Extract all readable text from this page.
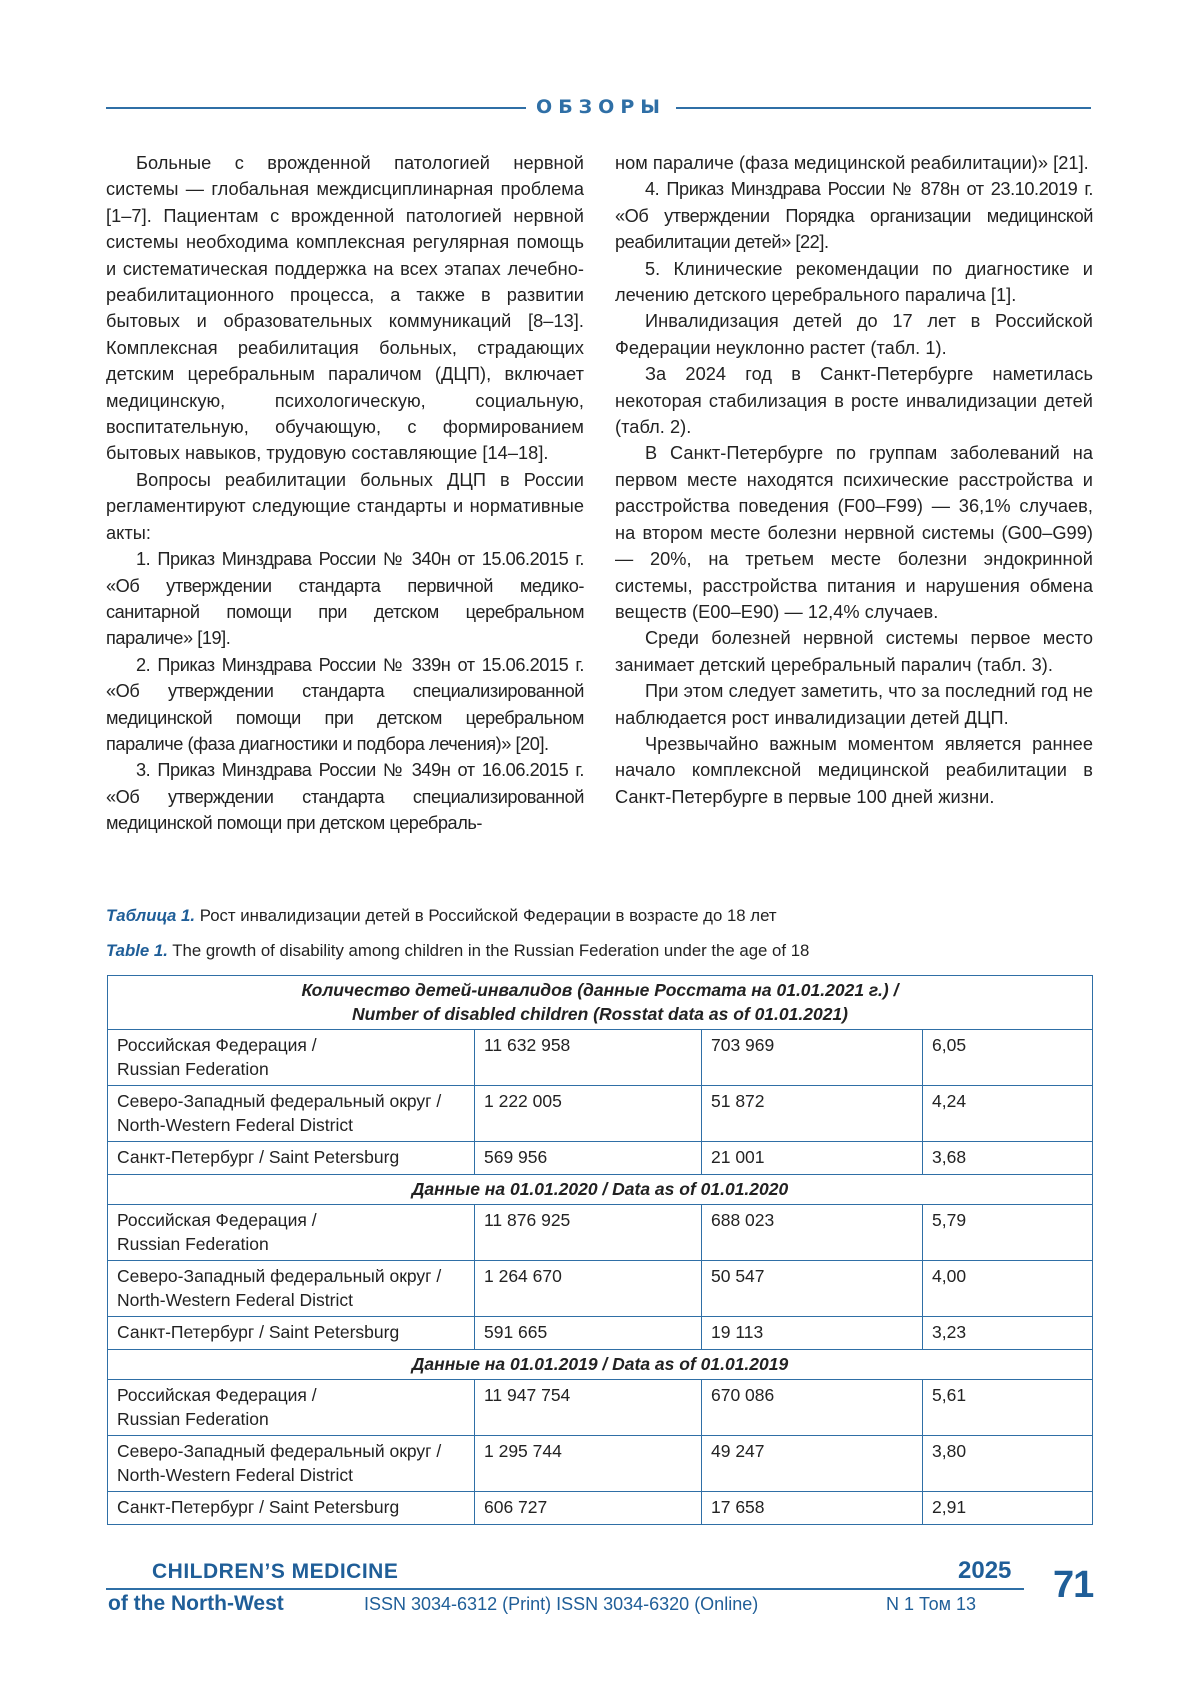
ОБЗОРЫ

Больные с врожденной патологией нервной системы — глобальная междисциплинарная проблема [1–7]. Пациентам с врожденной патологией нервной системы необходима комплексная регулярная помощь и систематическая поддержка на всех этапах лечебно-реабилитационного процесса, а также в развитии бытовых и образовательных коммуникаций [8–13]. Комплексная реабилитация больных, страдающих детским церебральным параличом (ДЦП), включает медицинскую, психологическую, социальную, воспитательную, обучающую, с формированием бытовых навыков, трудовую составляющие [14–18].

Вопросы реабилитации больных ДЦП в России регламентируют следующие стандарты и нормативные акты:

1. Приказ Минздрава России № 340н от 15.06.2015 г. «Об утверждении стандарта первичной медико-санитарной помощи при детском церебральном параличе» [19].

2. Приказ Минздрава России № 339н от 15.06.2015 г. «Об утверждении стандарта специализированной медицинской помощи при детском церебральном параличе (фаза диагностики и подбора лечения)» [20].

3. Приказ Минздрава России № 349н от 16.06.2015 г. «Об утверждении стандарта специализированной медицинской помощи при детском церебраль-

ном параличе (фаза медицинской реабилитации)» [21].

4. Приказ Минздрава России № 878н от 23.10.2019 г. «Об утверждении Порядка организации медицинской реабилитации детей» [22].

5. Клинические рекомендации по диагностике и лечению детского церебрального паралича [1].

Инвалидизация детей до 17 лет в Российской Федерации неуклонно растет (табл. 1).

За 2024 год в Санкт-Петербурге наметилась некоторая стабилизация в росте инвалидизации детей (табл. 2).

В Санкт-Петербурге по группам заболеваний на первом месте находятся психические расстройства и расстройства поведения (F00–F99) — 36,1% случаев, на втором месте болезни нервной системы (G00–G99) — 20%, на третьем месте болезни эндокринной системы, расстройства питания и нарушения обмена веществ (E00–E90) — 12,4% случаев.

Среди болезней нервной системы первое место занимает детский церебральный паралич (табл. 3).

При этом следует заметить, что за последний год не наблюдается рост инвалидизации детей ДЦП.

Чрезвычайно важным моментом является раннее начало комплексной медицинской реабилитации в Санкт-Петербурге в первые 100 дней жизни.

Таблица 1. Рост инвалидизации детей в Российской Федерации в возрасте до 18 лет
Table 1. The growth of disability among children in the Russian Federation under the age of 18
Количество детей-инвалидов (данные Росстата на 01.01.2021 г.) /
Number of disabled children (Rosstat data as of 01.01.2021)			

Российская Федерация /
Russian Federation	11 632 958	703 969	6,05

Северо-Западный федеральный округ /
North-Western Federal District	1 222 005	51 872	4,24

Санкт-Петербург / Saint Petersburg	569 956	21 001	3,68

Данные на 01.01.2020 / Data as of 01.01.2020			

Российская Федерация /
Russian Federation	11 876 925	688 023	5,79

Северо-Западный федеральный округ /
North-Western Federal District	1 264 670	50 547	4,00

Санкт-Петербург / Saint Petersburg	591 665	19 113	3,23

Данные на 01.01.2019 / Data as of 01.01.2019			

Российская Федерация /
Russian Federation	11 947 754	670 086	5,61

Северо-Западный федеральный округ /
North-Western Federal District	1 295 744	49 247	3,80

Санкт-Петербург / Saint Petersburg	606 727	17 658	2,91
CHILDREN’S MEDICINE
of the North-West
2025
ISSN 3034-6312 (Print) ISSN 3034-6320 (Online)	N 1 Том 13 71
